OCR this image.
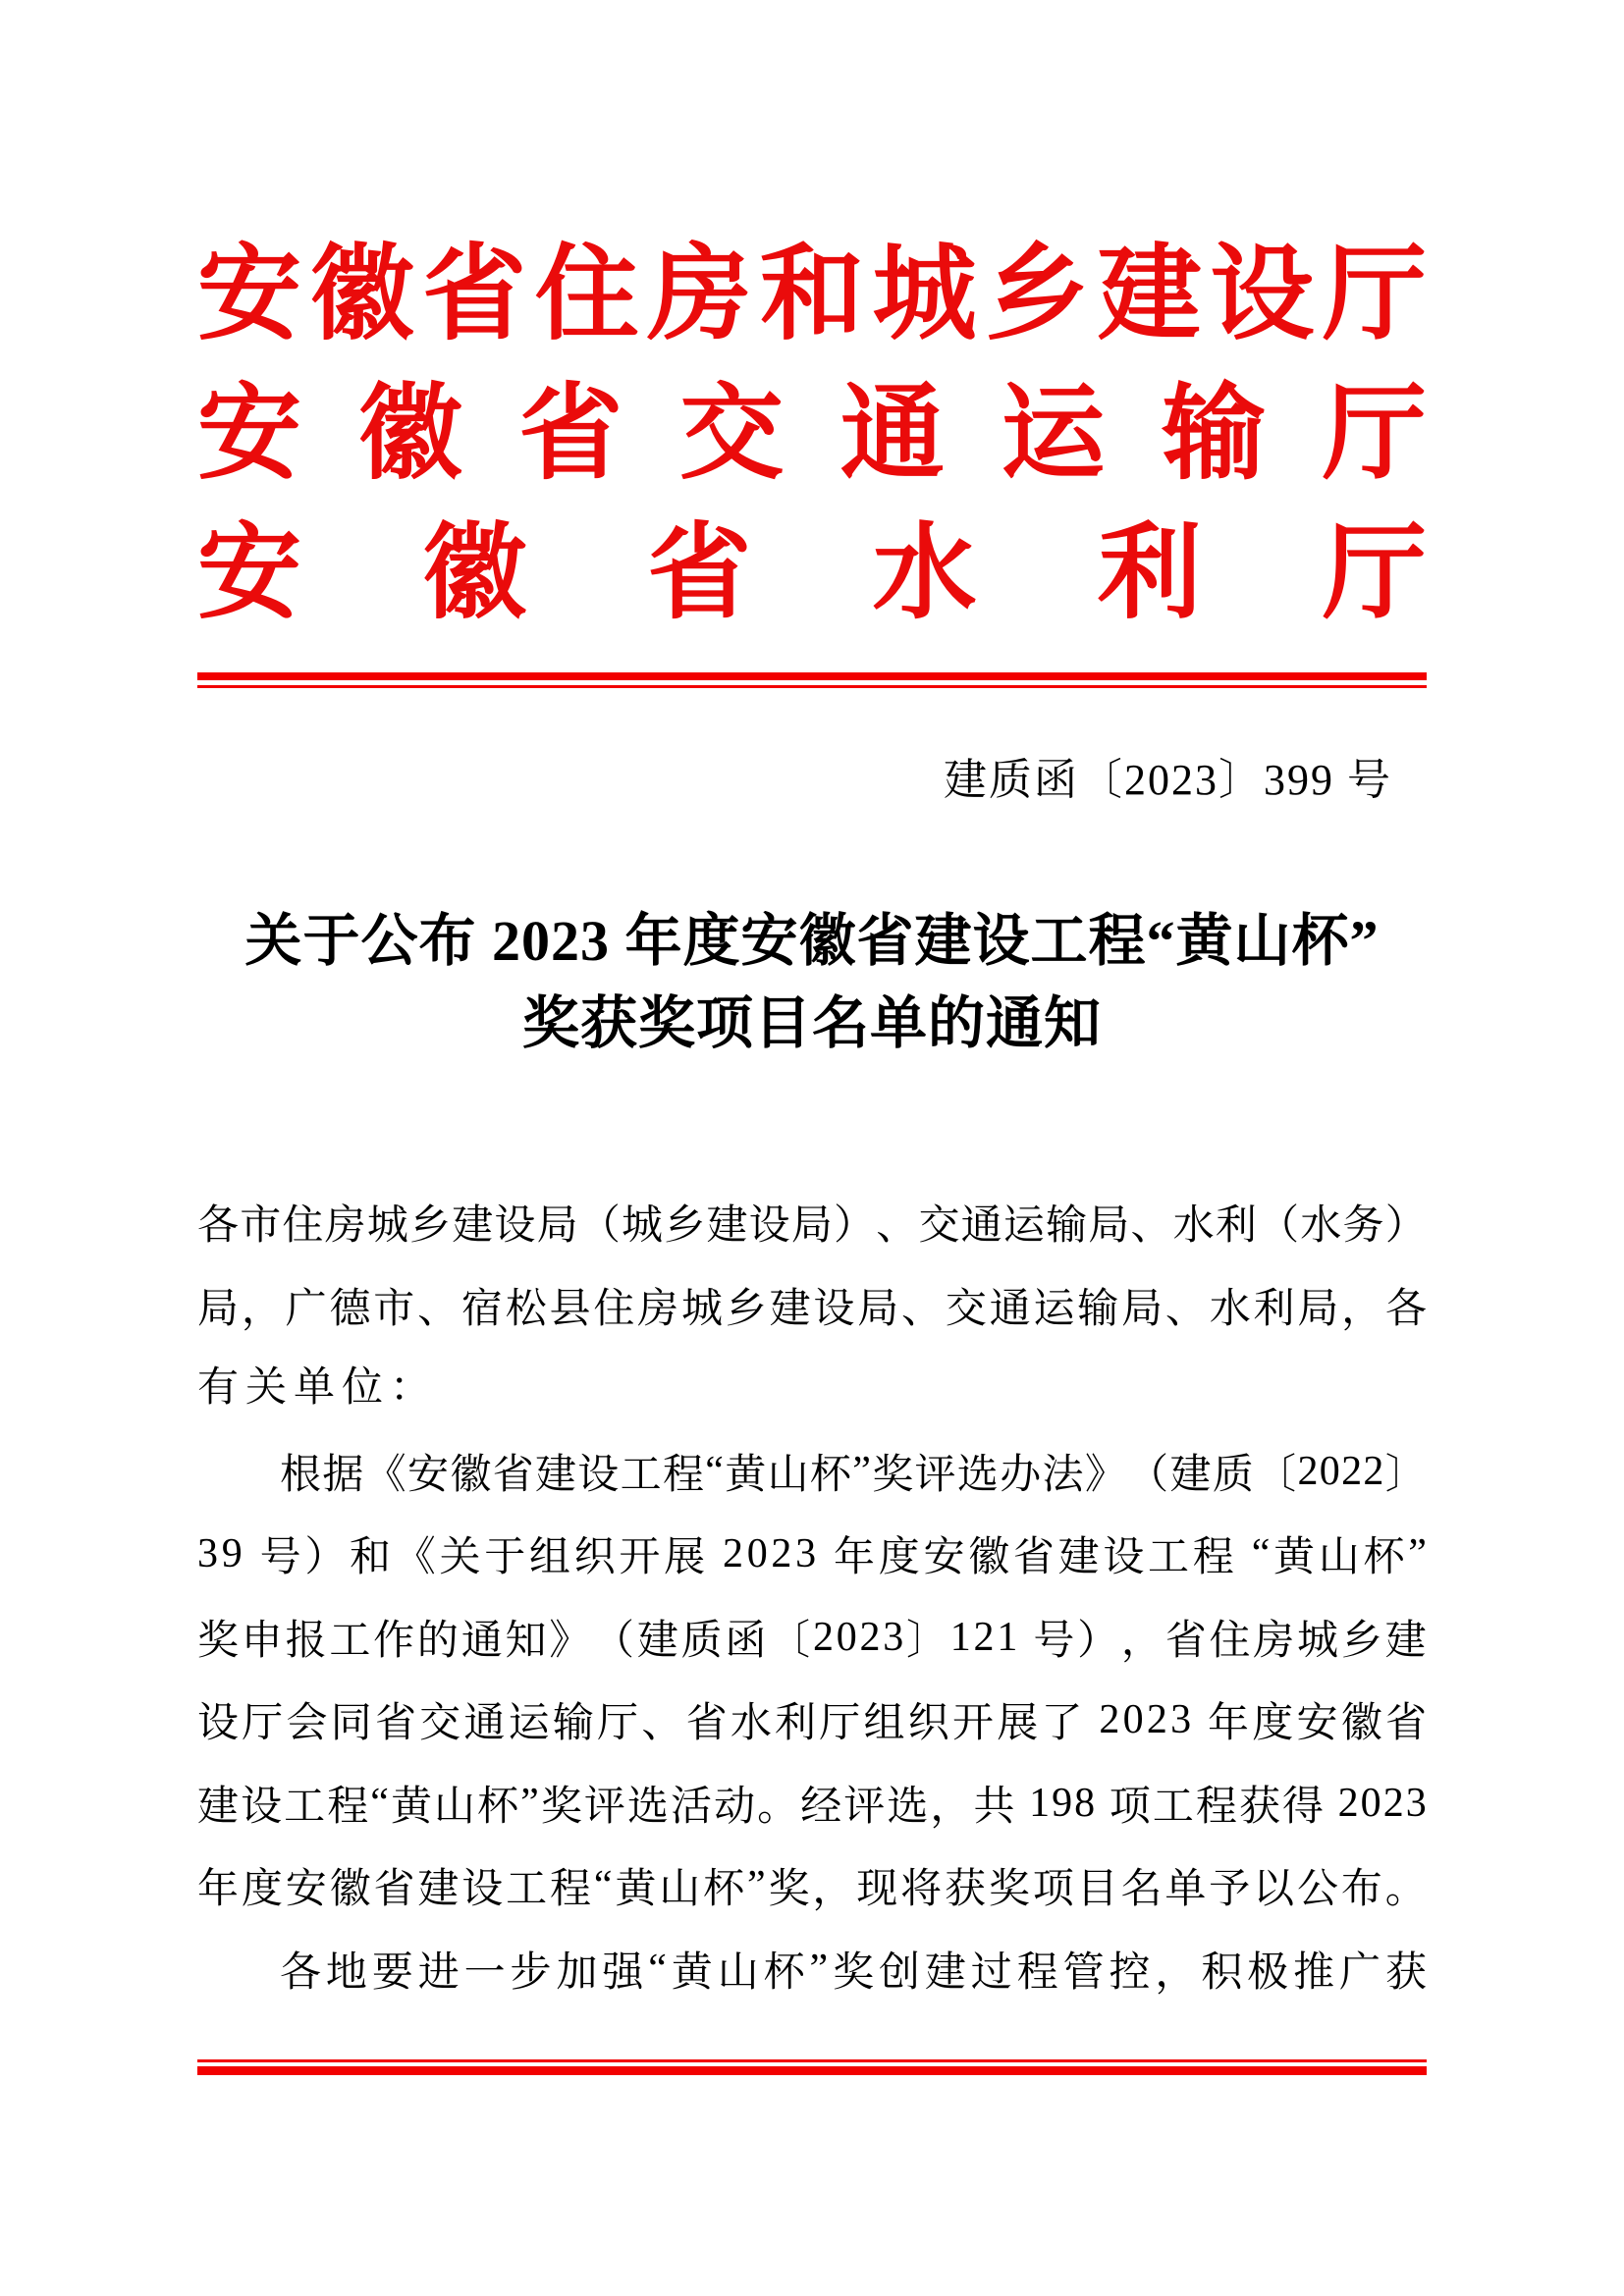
安 徽 省 住 房 和 城 乡 建 设 厅
安 徽 省 交 通 运 输 厅
安 徽 省 水 利 厅
建质函〔2023〕399 号
关于公布 2023 年度安徽省建设工程“黄山杯”
奖获奖项目名单的通知
各 市 住 房 城 乡 建 设 局 （ 城 乡 建 设 局 ） 、 交 通 运 输 局 、 水 利 （ 水 务 ）
局 ， 广 德 市 、 宿 松 县 住 房 城 乡 建 设 局 、 交 通 运 输 局 、 水 利 局 ， 各
有关单位：
根 据 《 安 徽 省 建 设 工 程 “ 黄 山 杯 ” 奖 评 选 办 法 》 （ 建 质 〔 2 0 2 2 〕
3 9
号 ） 和 《 关 于 组 织 开 展
2 0 2 3
年 度 安 徽 省 建 设 工 程
“ 黄 山 杯 ”
奖 申 报 工 作 的 通 知 》 （ 建 质 函 〔 2 0 2 3 〕 1 2 1
号 ） ， 省 住 房 城 乡 建
设 厅 会 同 省 交 通 运 输 厅 、 省 水 利 厅 组 织 开 展 了
2 0 2 3
年 度 安 徽 省
建 设 工 程 “ 黄 山 杯 ” 奖 评 选 活 动 。 经 评 选 ， 共
1 9 8
项 工 程 获 得
2 0 2 3
年 度 安 徽 省 建 设 工 程 “ 黄 山 杯 ” 奖 ， 现 将 获 奖 项 目 名 单 予 以 公 布 。
各 地 要 进 一 步 加 强 “ 黄 山 杯 ” 奖 创 建 过 程 管 控 ， 积 极 推 广 获
